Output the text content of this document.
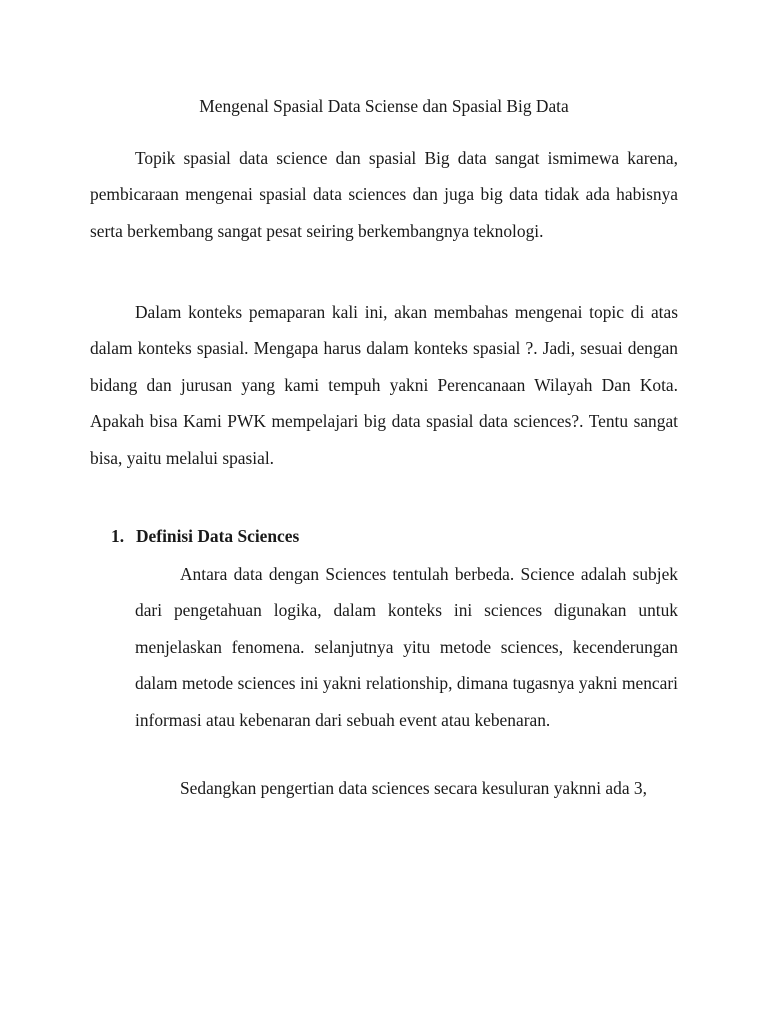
Mengenal Spasial Data Sciense dan Spasial Big Data

Topik spasial data science dan spasial Big data sangat ismimewa karena, pembicaraan mengenai spasial data sciences dan juga big data tidak ada habisnya serta berkembang sangat pesat seiring berkembangnya teknologi.

Dalam konteks pemaparan kali ini, akan membahas mengenai topic di atas dalam konteks spasial. Mengapa harus dalam konteks spasial ?. Jadi, sesuai dengan bidang dan jurusan yang kami tempuh yakni Perencanaan Wilayah Dan Kota. Apakah bisa Kami PWK mempelajari big data spasial data sciences?. Tentu sangat bisa, yaitu melalui spasial.

1. Definisi Data Sciences

Antara data dengan Sciences tentulah berbeda. Science adalah subjek dari pengetahuan logika, dalam konteks ini sciences digunakan untuk menjelaskan fenomena. selanjutnya yitu metode sciences, kecenderungan dalam metode sciences ini yakni relationship, dimana tugasnya yakni mencari informasi atau kebenaran dari sebuah event atau kebenaran.

Sedangkan pengertian data sciences secara kesuluran yaknni ada 3,
